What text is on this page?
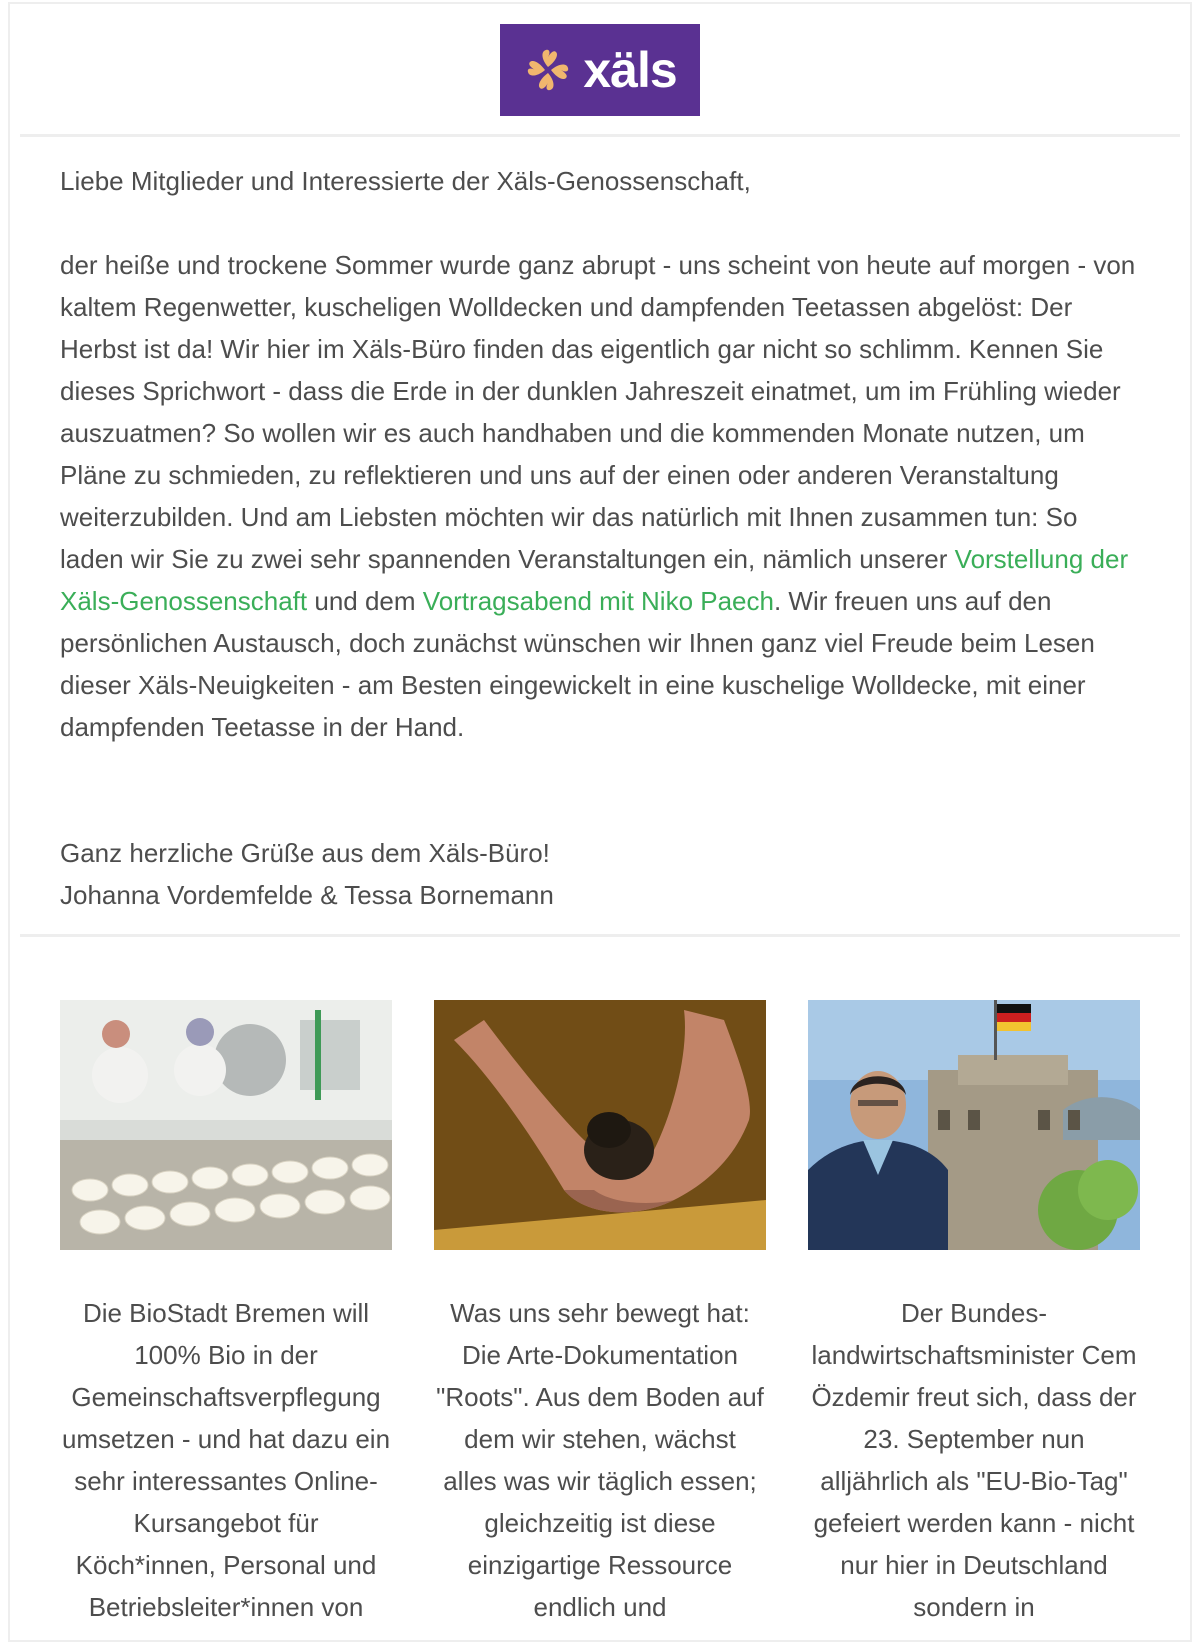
xäls

Liebe Mitglieder und Interessierte der Xäls-Genossenschaft,

der heiße und trockene Sommer wurde ganz abrupt - uns scheint von heute auf morgen - von kaltem Regenwetter, kuscheligen Wolldecken und dampfenden Teetassen abgelöst: Der Herbst ist da! Wir hier im Xäls-Büro finden das eigentlich gar nicht so schlimm. Kennen Sie dieses Sprichwort - dass die Erde in der dunklen Jahreszeit einatmet, um im Frühling wieder auszuatmen? So wollen wir es auch handhaben und die kommenden Monate nutzen, um Pläne zu schmieden, zu reflektieren und uns auf der einen oder anderen Veranstaltung weiterzubilden. Und am Liebsten möchten wir das natürlich mit Ihnen zusammen tun: So laden wir Sie zu zwei sehr spannenden Veranstaltungen ein, nämlich unserer Vorstellung der Xäls-Genossenschaft und dem Vortragsabend mit Niko Paech. Wir freuen uns auf den persönlichen Austausch, doch zunächst wünschen wir Ihnen ganz viel Freude beim Lesen dieser Xäls-Neuigkeiten - am Besten eingewickelt in eine kuschelige Wolldecke, mit einer dampfenden Teetasse in der Hand.

Ganz herzliche Grüße aus dem Xäls-Büro!
Johanna Vordemfelde & Tessa Bornemann

Die BioStadt Bremen will 100% Bio in der Gemeinschaftsverpflegung umsetzen - und hat dazu ein sehr interessantes Online-Kursangebot für Köch*innen, Personal und Betriebsleiter*innen von

Was uns sehr bewegt hat: Die Arte-Dokumentation "Roots". Aus dem Boden auf dem wir stehen, wächst alles was wir täglich essen; gleichzeitig ist diese einzigartige Ressource endlich und

Der Bundes-landwirtschaftsminister Cem Özdemir freut sich, dass der 23. September nun alljährlich als "EU-Bio-Tag" gefeiert werden kann - nicht nur hier in Deutschland sondern in
